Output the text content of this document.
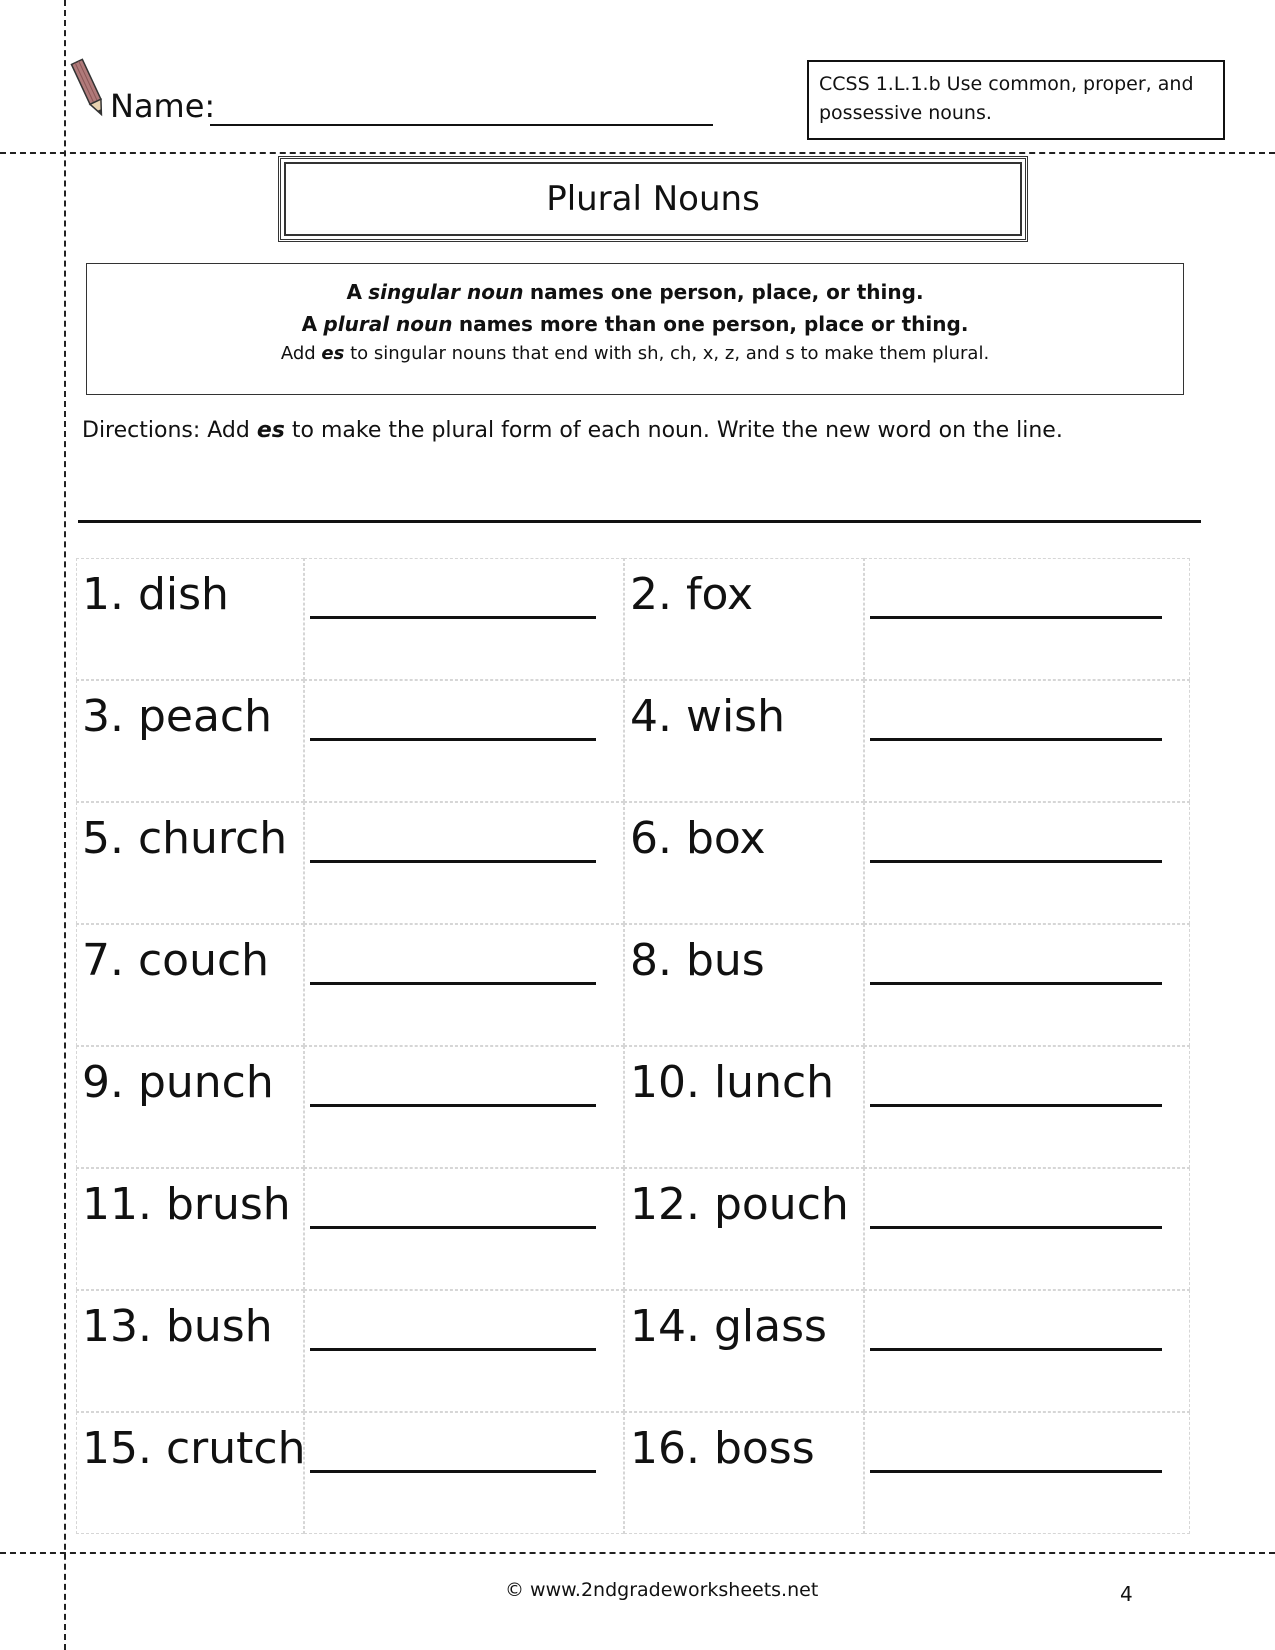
Name:
CCSS 1.L.1.b Use common, proper, and possessive nouns.
Plural Nouns
A singular noun names one person, place, or thing.
A plural noun names more than one person, place or thing.
Add es to singular nouns that end with sh, ch, x, z, and s to make them plural.
Directions: Add es to make the plural form of each noun. Write the new word on the line.
1. dish	2. fox
3. peach	4. wish
5. church	6. box
7. couch	8. bus
9. punch	10. lunch
11. brush	12. pouch
13. bush	14. glass
15. crutch	16. boss
© www.2ndgradeworksheets.net	4
